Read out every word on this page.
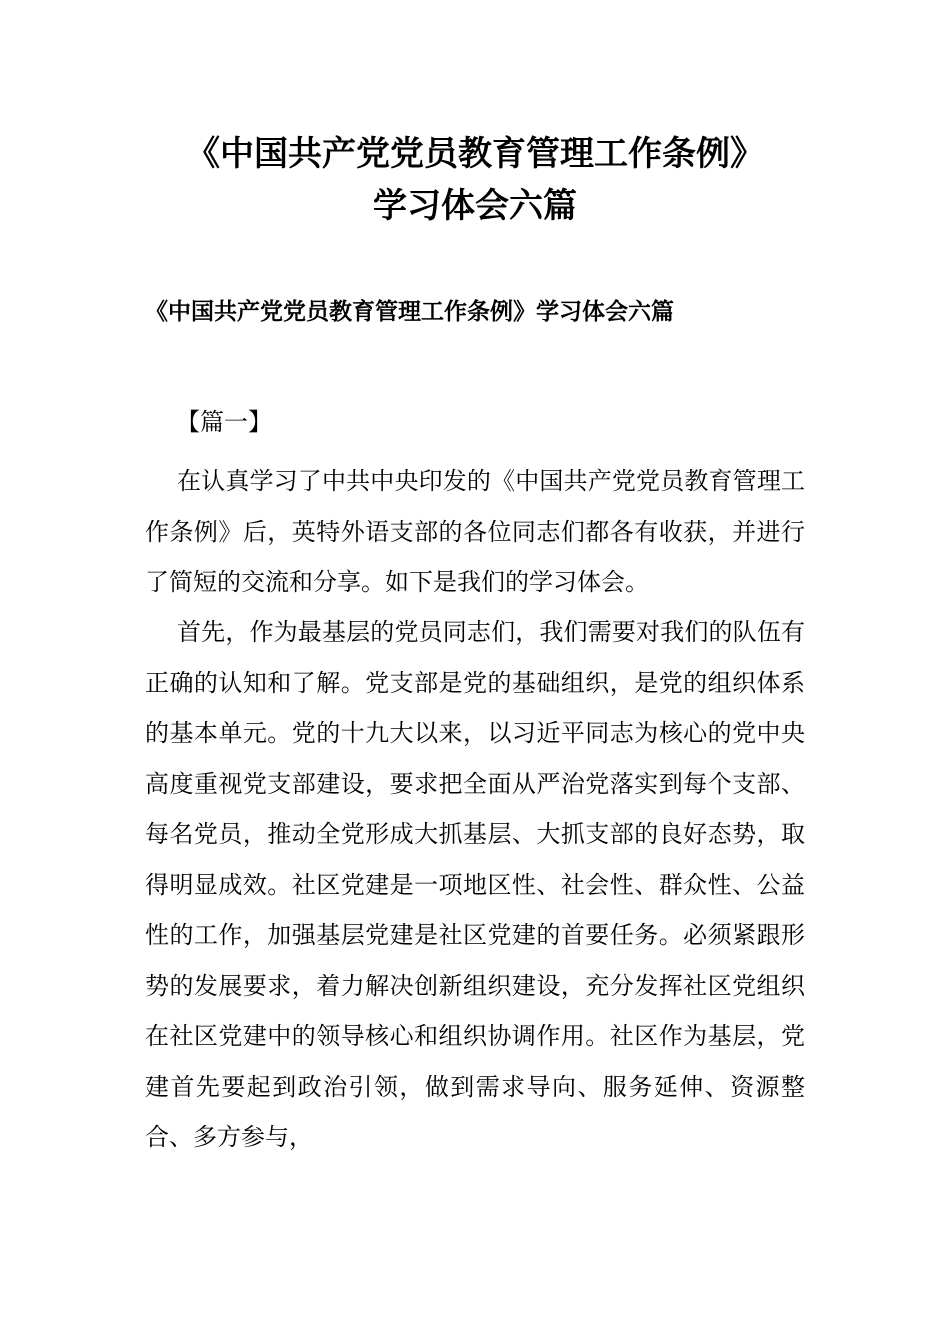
《中国共产党党员教育管理工作条例》
学习体会六篇
《中国共产党党员教育管理工作条例》学习体会六篇
【篇一】

在认真学习了中共中央印发的《中国共产党党员教育管理工作条例》后，英特外语支部的各位同志们都各有收获，并进行了简短的交流和分享。如下是我们的学习体会。

首先，作为最基层的党员同志们，我们需要对我们的队伍有正确的认知和了解。党支部是党的基础组织，是党的组织体系的基本单元。党的十九大以来，以习近平同志为核心的党中央高度重视党支部建设，要求把全面从严治党落实到每个支部、每名党员，推动全党形成大抓基层、大抓支部的良好态势，取得明显成效。社区党建是一项地区性、社会性、群众性、公益性的工作，加强基层党建是社区党建的首要任务。必须紧跟形势的发展要求，着力解决创新组织建设，充分发挥社区党组织在社区党建中的领导核心和组织协调作用。社区作为基层，党建首先要起到政治引领，做到需求导向、服务延伸、资源整合、多方参与，
